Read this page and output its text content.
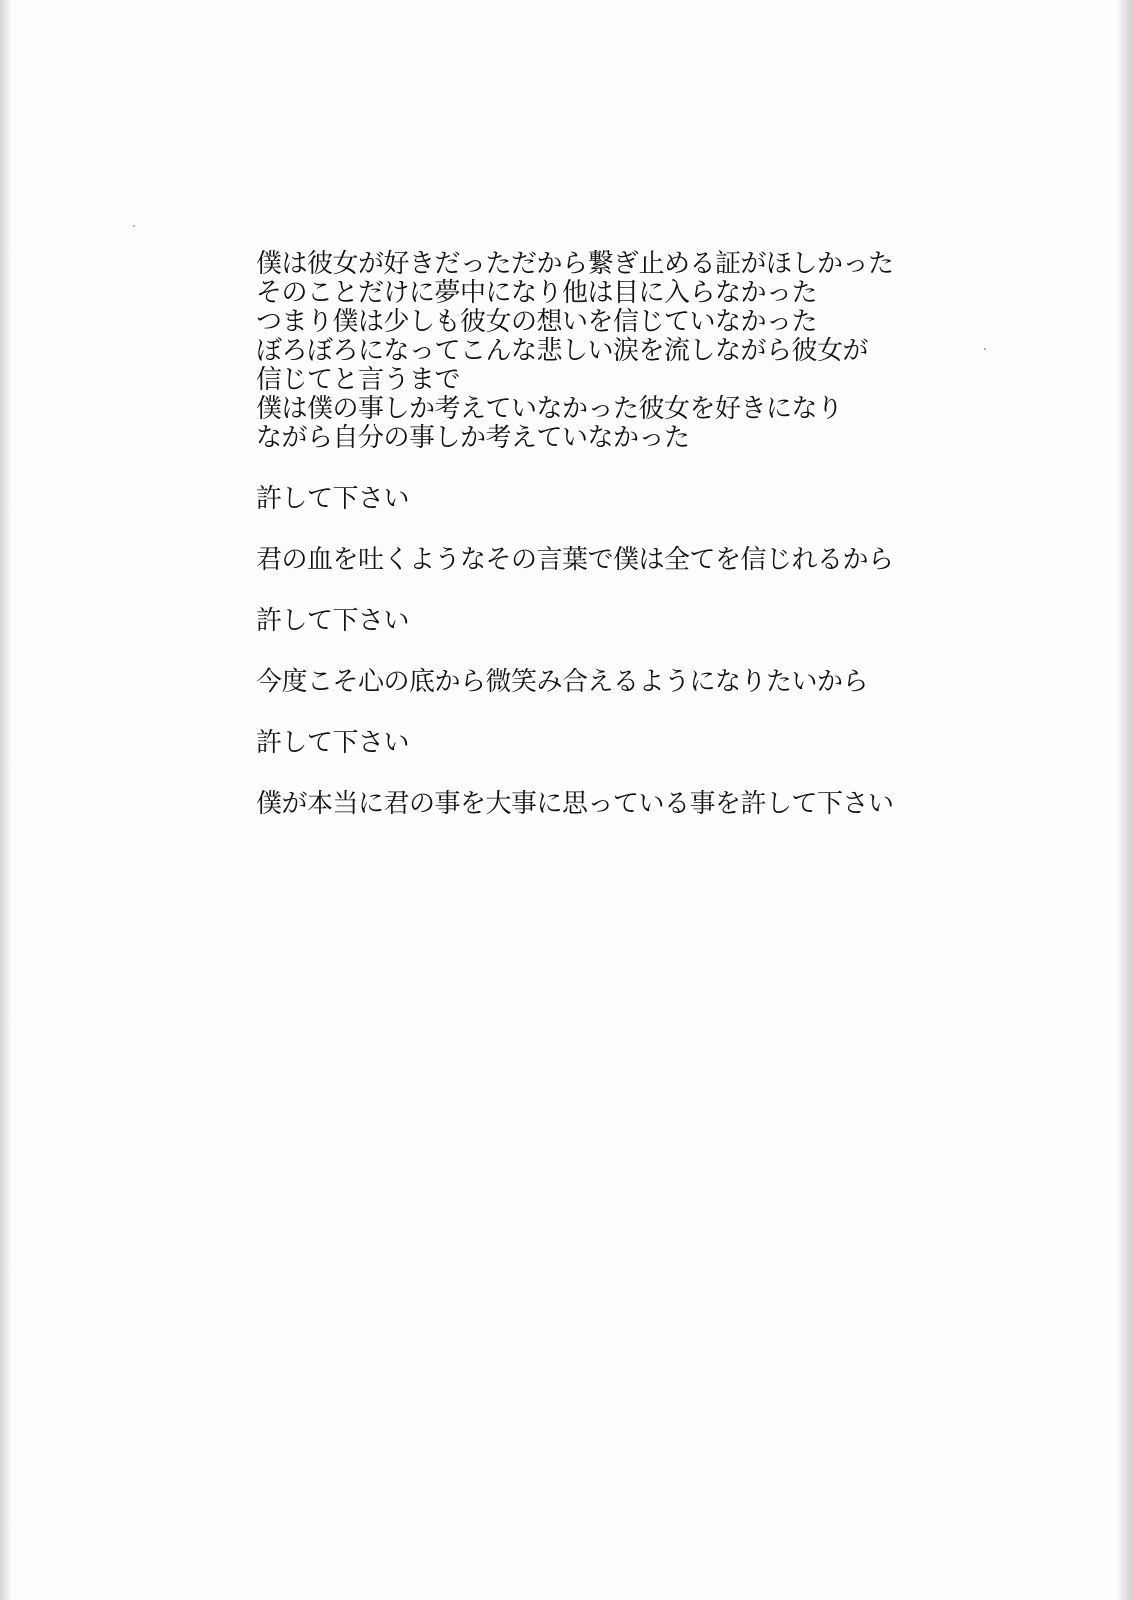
僕は彼女が好きだっただから繋ぎ止める証がほしかった
そのことだけに夢中になり他は目に入らなかった
つまり僕は少しも彼女の想いを信じていなかった
ぼろぼろになってこんな悲しい涙を流しながら彼女が
信じてと言うまで
僕は僕の事しか考えていなかった彼女を好きになり
ながら自分の事しか考えていなかった
許して下さい
君の血を吐くようなその言葉で僕は全てを信じれるから
許して下さい
今度こそ心の底から微笑み合えるようになりたいから
許して下さい
僕が本当に君の事を大事に思っている事を許して下さい
